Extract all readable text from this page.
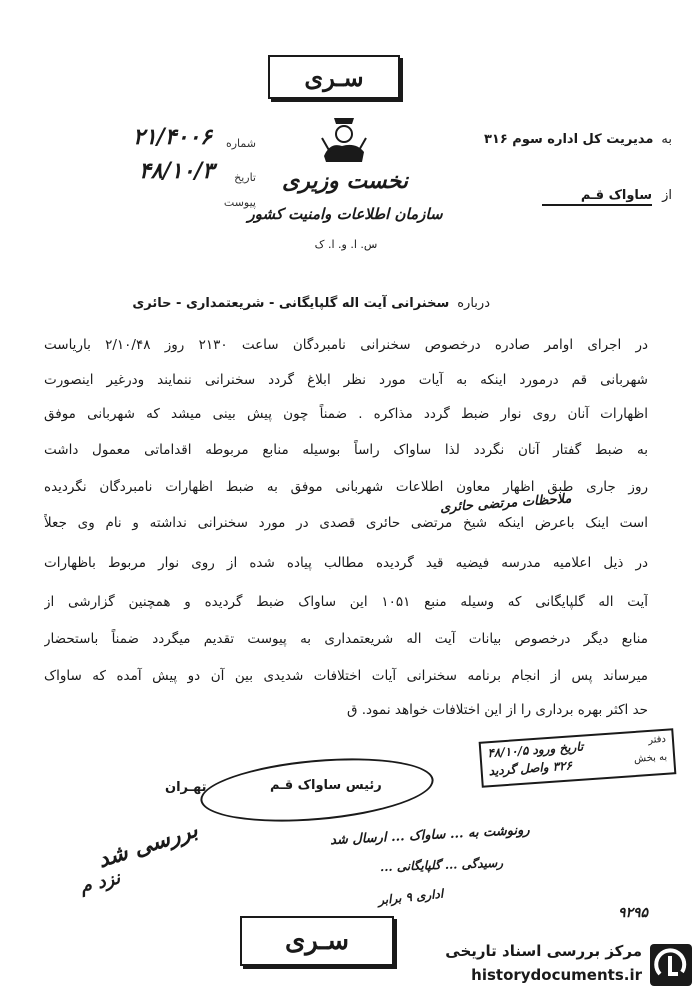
سـرى
نخست وزیری
سازمان اطلاعات وامنیت کشور
س. ا. و. ا. ک
به
مدیریت کل اداره سوم ۳۱۶
از
ساواک قـم
شماره
۲۱/۴۰۰۶
تاریخ
۴۸/۱۰/۳
پیوست
درباره
سخنرانی آیت اله گلپایگانی - شریعتمداری - حائری
در اجرای اوامر صادره درخصوص سخنرانی نامبردگان ساعت ۲۱۳۰ روز ۲/۱۰/۴۸ باریاست
شهربانی قم درمورد اینکه به آیات مورد نظر ابلاغ گردد سخنرانی ننمایند ودرغیر اینصورت
اظهارات آنان روی نوار ضبط گردد مذاکره . ضمناً چون پیش بینی میشد که شهربانی موفق
به ضبط گفتار آنان نگردد لذا ساواک راساً بوسیله منابع مربوطه اقداماتی معمول داشت
روز جاری طبق اظهار معاون اطلاعات شهربانی موفق به ضبط اظهارات نامبردگان نگردیده
است اینک باعرض اینکه شیخ مرتضی حائری قصدی در مورد سخنرانی نداشته و نام وی جعلاً
در ذیل اعلامیه مدرسه فیضیه قید گردیده مطالب پیاده شده از روی نوار مربوط باظهارات
آیت اله گلپایگانی که وسیله منبع ۱۰۵۱ این ساواک ضبط گردیده و همچنین گزارشی از
منابع دیگر درخصوص بیانات آیت اله شریعتمداری به پیوست تقدیم میگردد ضمناً باستحضار
میرساند پس از انجام برنامه سخنرانی آیات اختلافات شدیدی بین آن دو پیش آمده که ساواک
حد اکثر بهره برداری را از این اختلافات خواهد نمود. ق
ملاحظات مرتضی حائری
دفتر
تاریخ ورود ۴۸/۱۰/۵
به بخش
۳۲۶ واصل گردید
رئیس ساواک قـم
تهـران
رونوشت به ... ساواک ... ارسال شد
رسیدگی ... گلپایگانی ...
اداری ۹ برابر
بررسی شد
نزد م
۹۲۹۵
سـرى	مرکز بررسی اسناد تاریخی
historydocuments.ir
